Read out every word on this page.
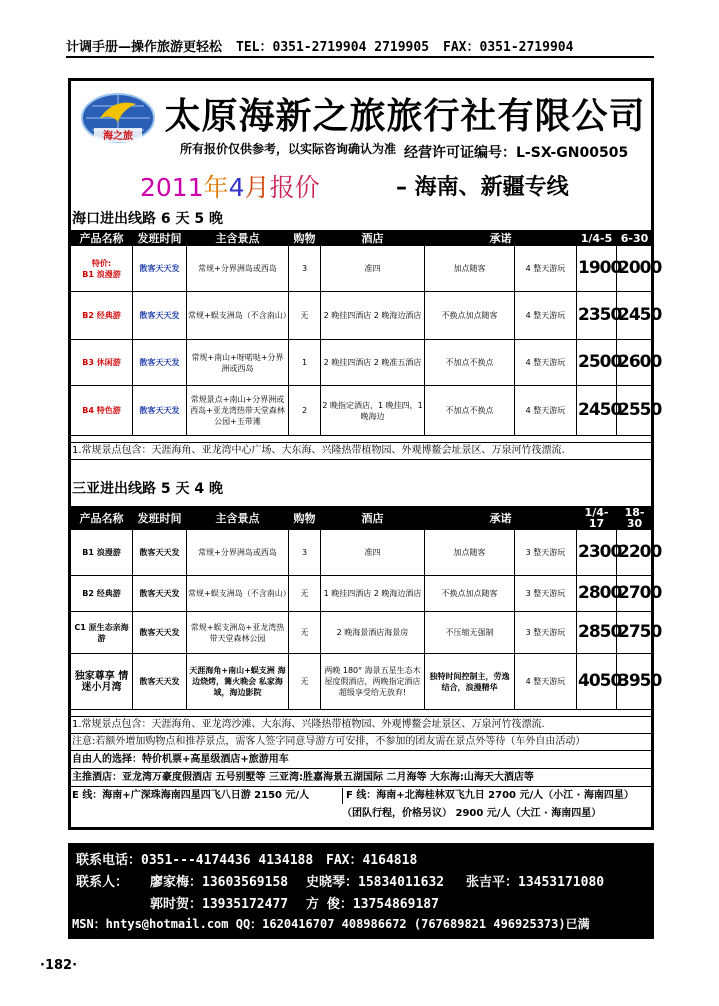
计调手册—操作旅游更轻松 TEL：0351-2719904 2719905 FAX：0351-2719904
海之旅 太原海新之旅旅行社有限公司
所有报价仅供参考，以实际咨询确认为准 经营许可证编号：L-SX-GN00505
2011年4月报价	– 海南、新疆专线
海口进出线路 6 天 5 晚
产品名称	发班时间	主含景点	购物	酒店	承诺		1/4-5	6-30
特价:
B1 浪漫游	散客天天发	常规+分界洲岛或西岛	3	准四	加点随客	4 整天游玩	1900	2000
B2 经典游	散客天天发	常规+蜈支洲岛（不含南山）	无	2 晚挂四酒店 2 晚海边酒店	不换点加点随客	4 整天游玩	2350	2450
B3 休闲游	散客天天发	常规+南山+呀喏哒+分界洲或西岛	1	2 晚挂四酒店 2 晚准五酒店	不加点不换点	4 整天游玩	2500	2600
B4 特色游	散客天天发	常规景点+南山+分界洲或西岛+亚龙湾热带天堂森林公园+玉带滩	2	2 晚指定酒店，1 晚挂四，1 晚海边	不加点不换点	4 整天游玩	2450	2550
1.常规景点包含：天涯海角、亚龙湾中心广场、大东海、兴隆热带植物园、外观博鳌会址景区、万泉河竹筏漂流.
三亚进出线路 5 天 4 晚
产品名称	发班时间	主含景点	购物	酒店	承诺		1/4-17	18-30
B1 浪漫游	散客天天发	常规+分界洲岛或西岛	3	准四	加点随客	3 整天游玩	2300	2200
B2 经典游	散客天天发	常规+蜈支洲岛（不含南山）	无	1 晚挂四酒店 2 晚海边酒店	不换点加点随客	3 整天游玩	2800	2700
C1 原生态亲海游	散客天天发	常规+蜈支洲岛+亚龙湾热带天堂森林公园	无	2 晚海景酒店海景房	不压缩无强制	3 整天游玩	2850	2750
独家尊享 情迷小月湾	散客天天发	天涯海角+南山+蜈支洲 海边烧烤，篝火晚会 私家海域，海边影院	无	两晚 180° 海景五星生态木屋度假酒店，两晚指定酒店 超级享受给无放弃!	独特时间控制主，劳逸结合，浪漫精华	4 整天游玩	4050	3950
1.常规景点包含：天涯海角、亚龙湾沙滩、大东海、兴隆热带植物园、外观博鳌会址景区、万泉河竹筏漂流.
注意:若额外增加购物点和推荐景点，需客人签字同意导游方可安排，不参加的团友需在景点外等待（车外自由活动）
自由人的选择：特价机票+高星级酒店+旅游用车
主推酒店：亚龙湾万豪度假酒店 五号别墅等 三亚湾:胜嘉海景五湖国际 二月海等 大东海:山海天大酒店等
E 线：海南+广深珠海南四星四飞八日游 2150 元/人	F 线：海南+北海桂林双飞九日 2700 元/人（小江 · 海南四星）
（团队行程，价格另议） 2900 元/人（大江 · 海南四星）
联系电话：0351---4174436 4134188 FAX：4164818
联系人： 廖家梅：13603569158 史晓琴：15834011632 张吉平：13453171080
郭时贺：13935172477 方 俊：13754869187
MSN：hntys@hotmail.com QQ：1620416707 408986672 (767689821 496925373)已满
·182·
